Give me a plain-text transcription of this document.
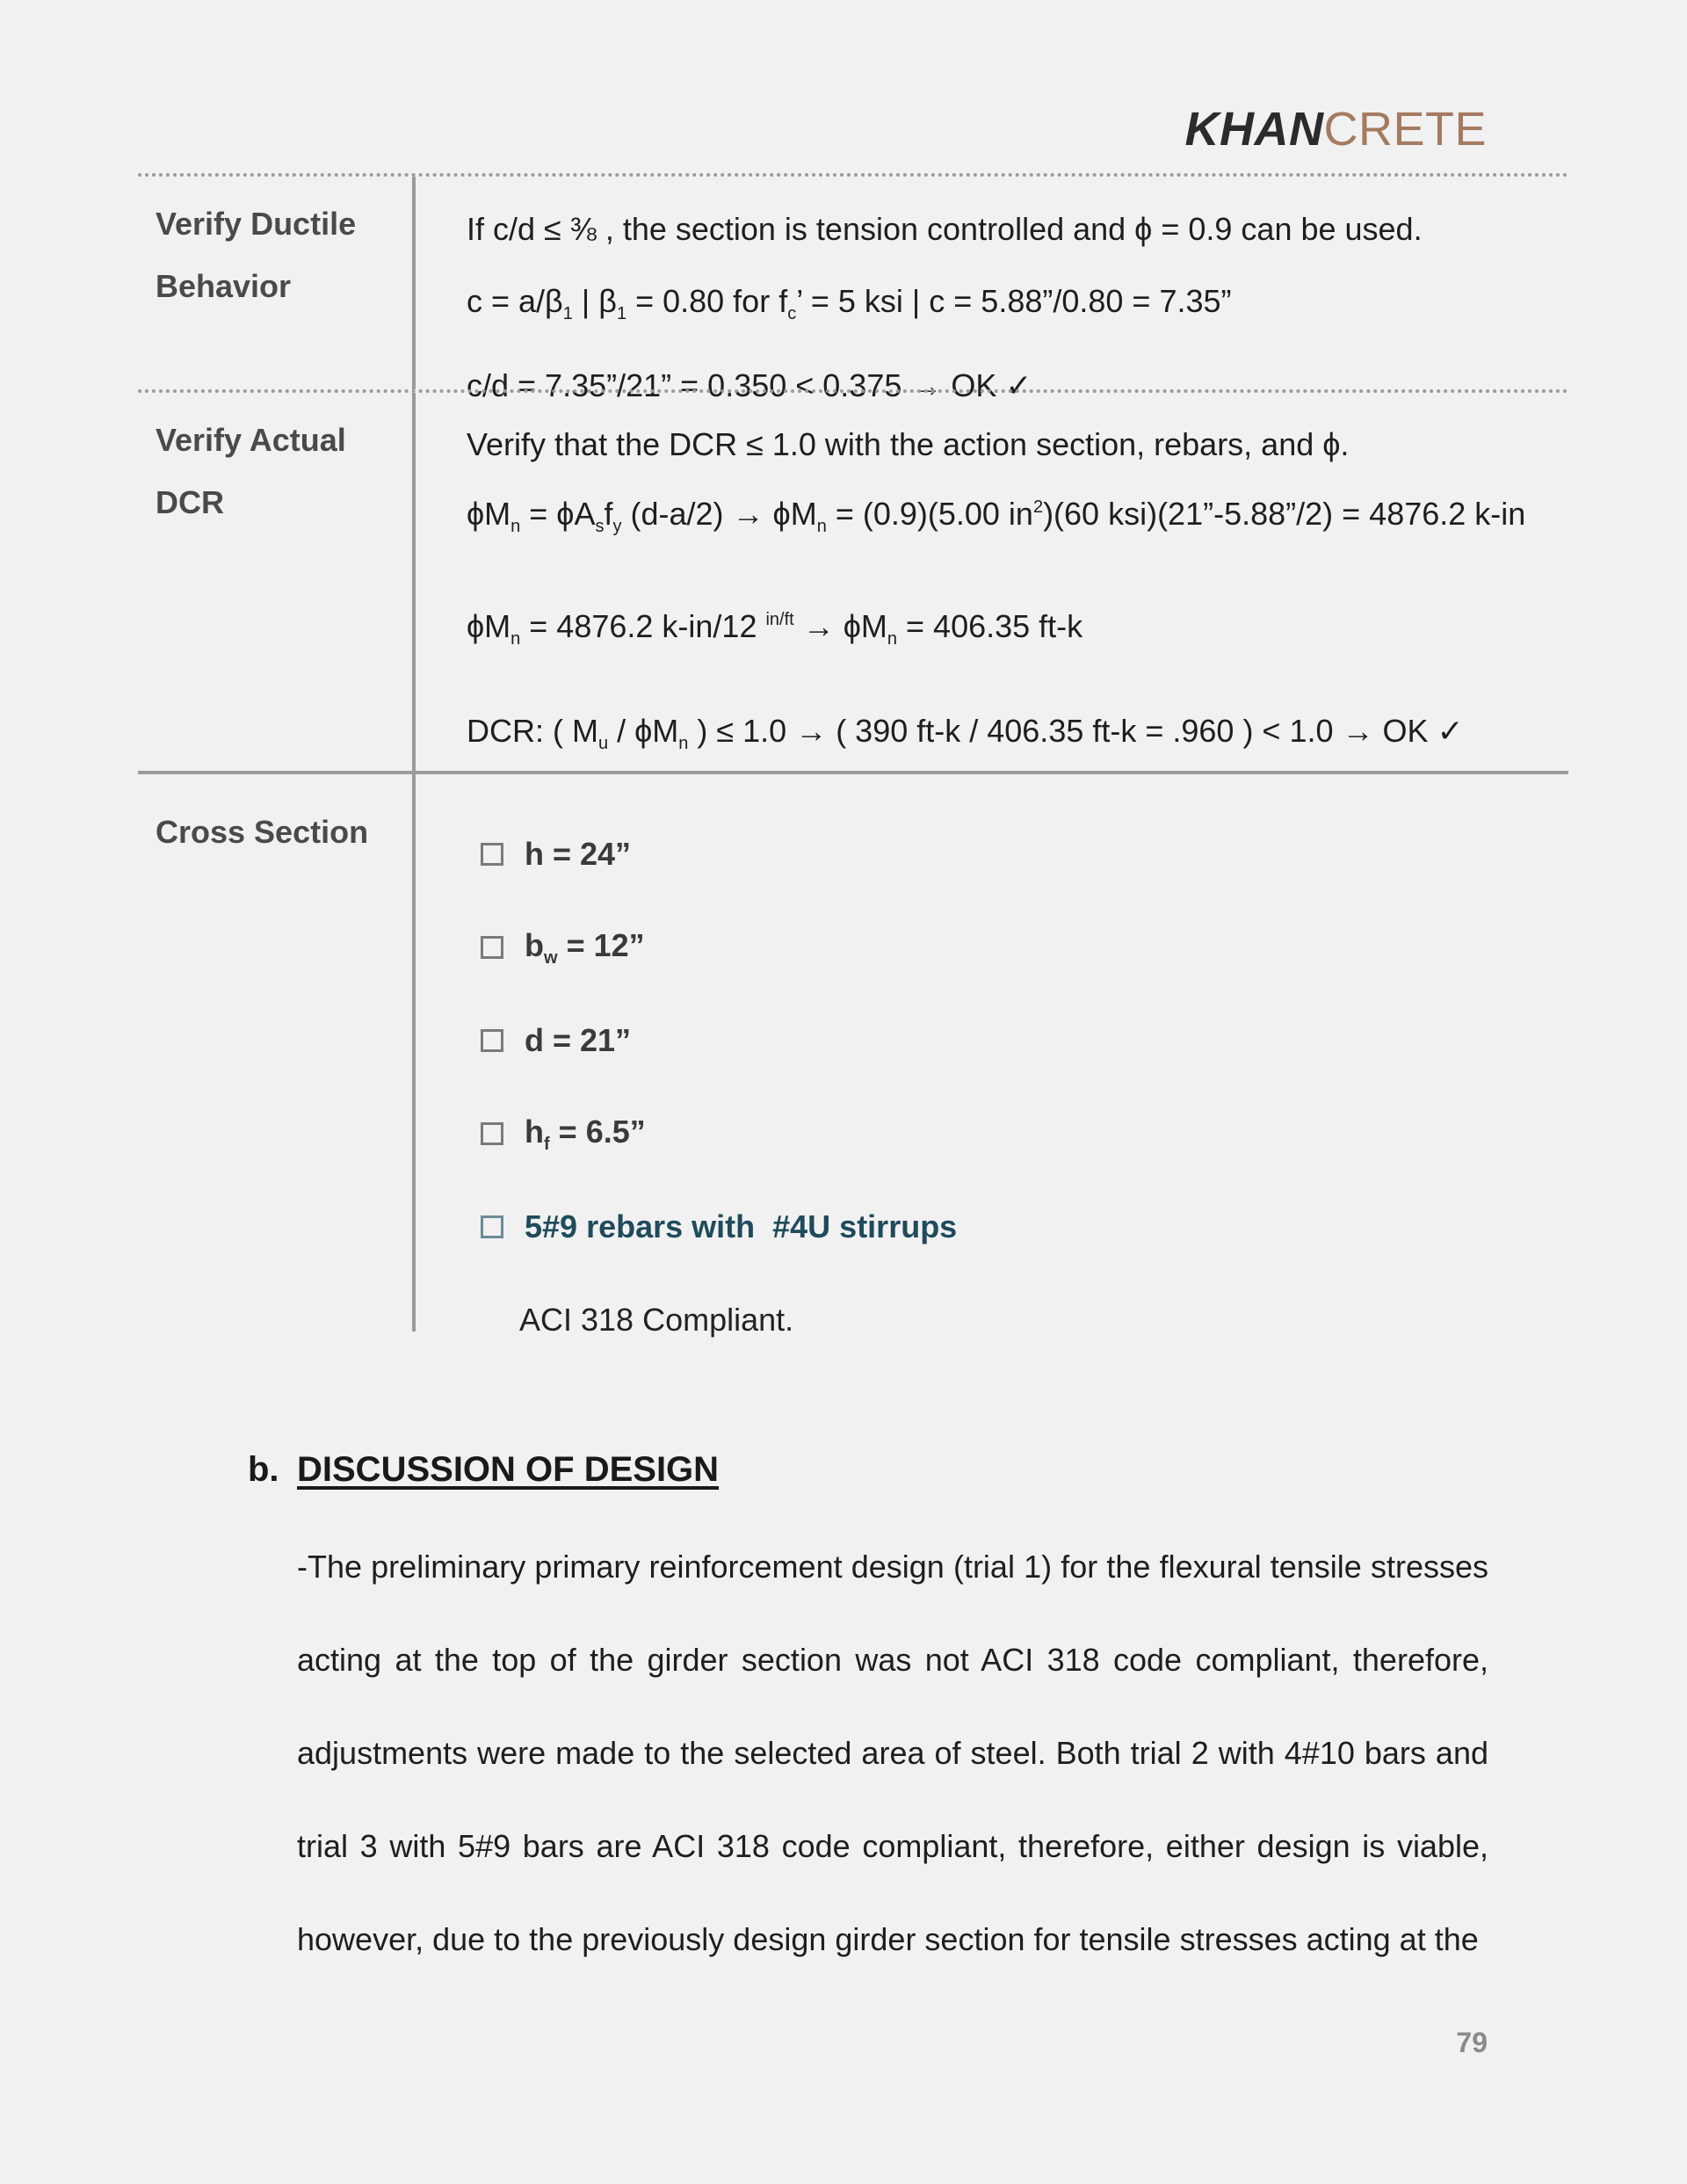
KHANCRETE
Verify Ductile
Behavior
If c/d ≤ ⅜ , the section is tension controlled and ϕ = 0.9 can be used.
$c = a/\beta_1$ | $\beta_1 = 0.80$ for $f_c$’ = 5 ksi | c = 5.88”/0.80 = 7.35”
c/d = 7.35”/21” = 0.350 < 0.375 → OK ✓
Verify Actual
DCR
Verify that the DCR ≤ 1.0 with the action section, rebars, and ϕ.
$\phi M_n = \phi A_sf_y$ $(d-a/2) \to \phi M_n = (0.9)(5.00$ $in^2)(60$ ksi)(21”-5.88”/2) = 4876.2 k-in
$\phi M_n = 4876.2$ k-in/12 $^{in/ft} \to \phi M_n = 406.35$ ft-k
DCR: ( $M_u / \phi M_n$ ) ≤ 1.0 → ( 390 ft-k / 406.35 ft-k = .960 ) < 1.0 → OK ✓
Cross Section
h = 24”
$b_w = 12$”
d = 21”
$h_f = 6.5$”
5#9 rebars with  #4U stirrups
ACI 318 Compliant.
b. DISCUSSION OF DESIGN
-The preliminary primary reinforcement design (trial 1) for the flexural tensile stresses acting at the top of the girder section was not ACI 318 code compliant, therefore, adjustments were made to the selected area of steel. Both trial 2 with 4#10 bars and trial 3 with 5#9 bars are ACI 318 code compliant, therefore, either design is viable, however, due to the previously design girder section for tensile stresses acting at the
79
